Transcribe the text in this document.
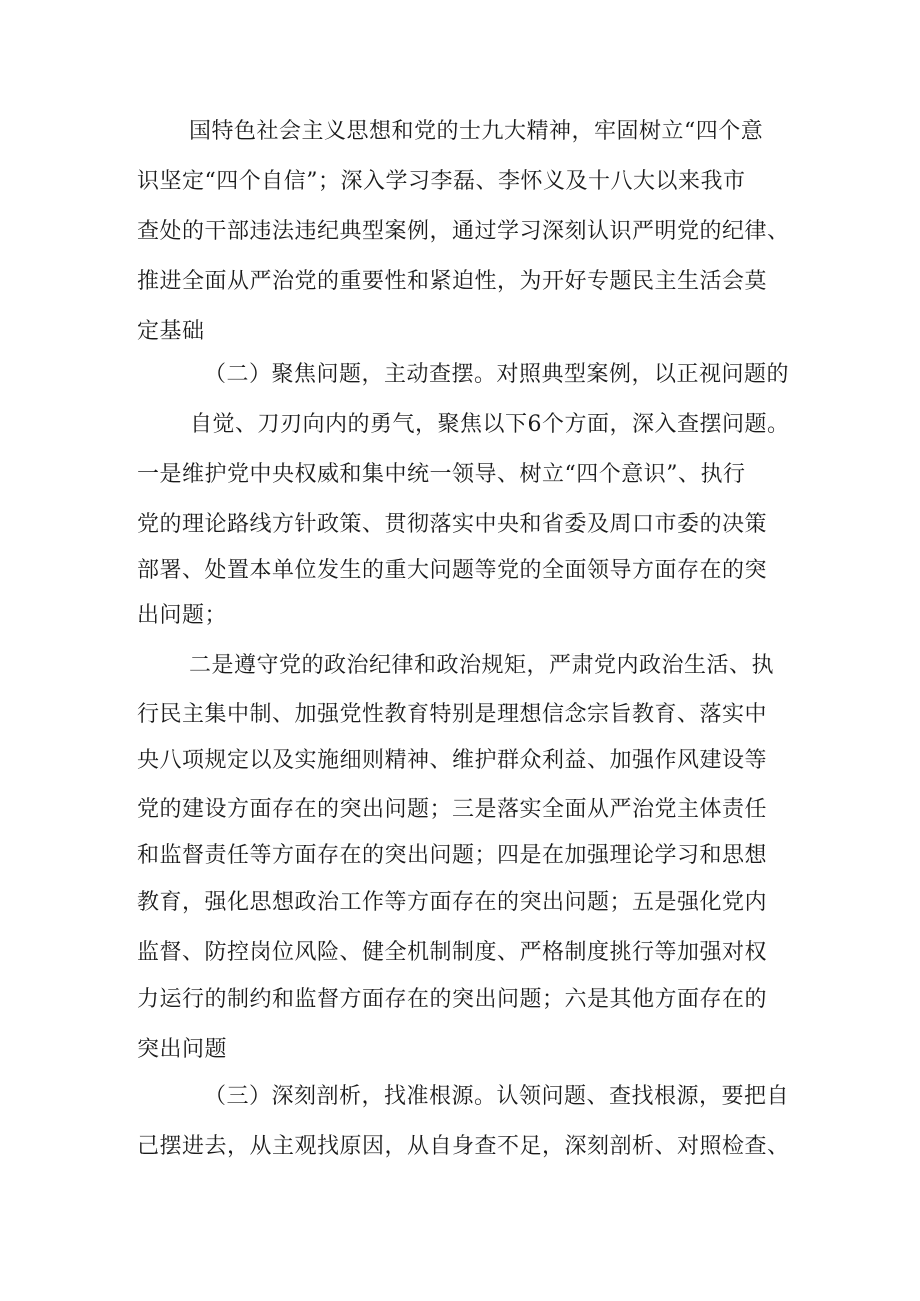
国特色社会主义思想和党的士九大精神，牢固树立“四个意

识坚定“四个自信”；深入学习李磊、李怀义及十八大以来我市

查处的干部违法违纪典型案例，通过学习深刻认识严明党的纪律、

推进全面从严治党的重要性和紧迫性，为开好专题民主生活会莫

定基础

（二）聚焦问题，主动查摆。对照典型案例，以正视问题的

自觉、刀刃向内的勇气，聚焦以下6个方面，深入查摆问题。

一是维护党中央权威和集中统一领导、树立“四个意识”、执行

党的理论路线方针政策、贯彻落实中央和省委及周口市委的决策

部署、处置本单位发生的重大问题等党的全面领导方面存在的突

出问题；

二是遵守党的政治纪律和政治规矩，严肃党内政治生活、执

行民主集中制、加强党性教育特别是理想信念宗旨教育、落实中

央八项规定以及实施细则精神、维护群众利益、加强作风建设等

党的建设方面存在的突出问题；三是落实全面从严治党主体责任

和监督责任等方面存在的突出问题；四是在加强理论学习和思想

教育，强化思想政治工作等方面存在的突出问题；五是强化党内

监督、防控岗位风险、健全机制制度、严格制度挑行等加强对权

力运行的制约和监督方面存在的突出问题；六是其他方面存在的

突出问题

（三）深刻剖析，找准根源。认领问题、查找根源，要把自

己摆进去，从主观找原因，从自身查不足，深刻剖析、对照检查、
